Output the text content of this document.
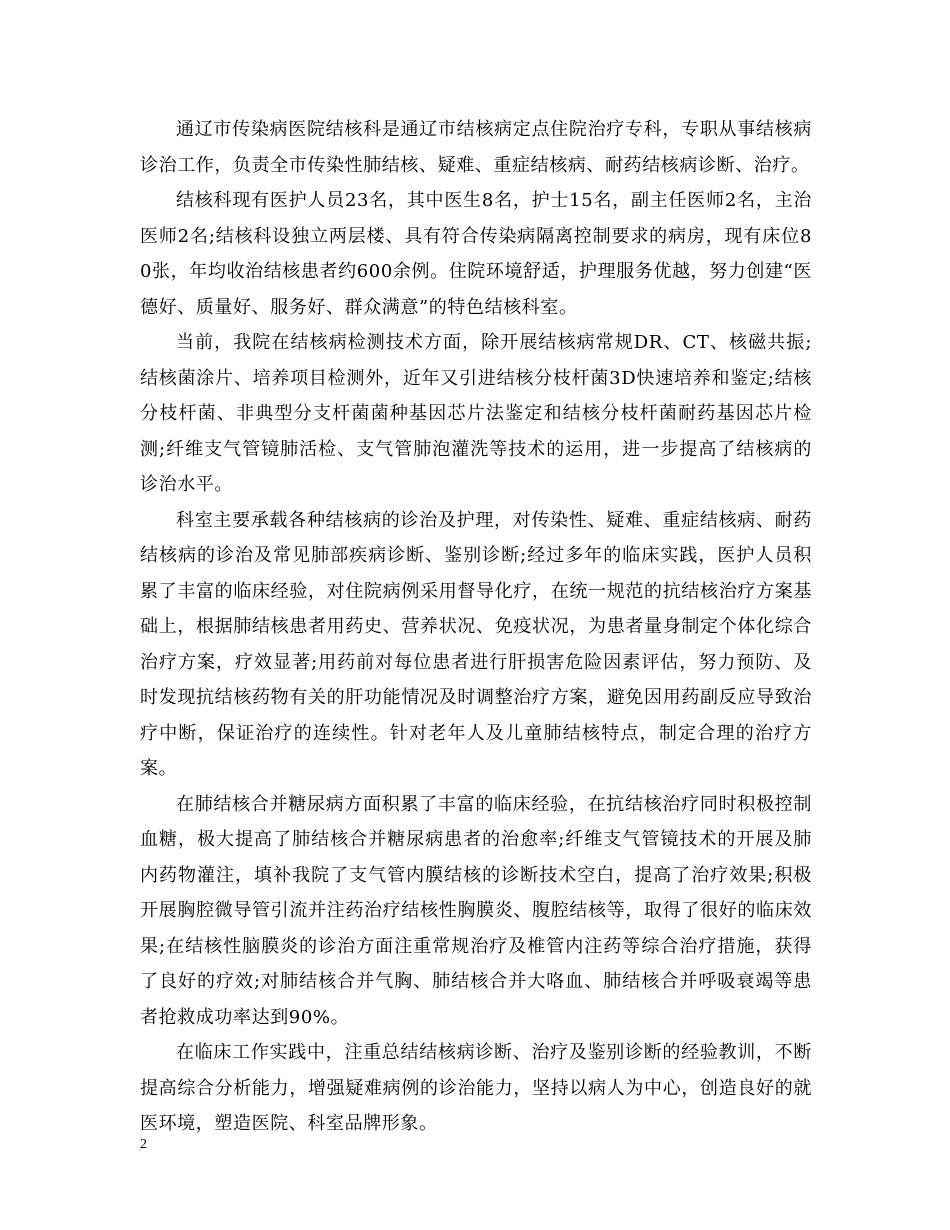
通辽市传染病医院结核科是通辽市结核病定点住院治疗专科，专职从事结核病诊治工作，负责全市传染性肺结核、疑难、重症结核病、耐药结核病诊断、治疗。

结核科现有医护人员23名，其中医生8名，护士15名，副主任医师2名，主治医师2名;结核科设独立两层楼、具有符合传染病隔离控制要求的病房，现有床位80张，年均收治结核患者约600余例。住院环境舒适，护理服务优越，努力创建“医德好、质量好、服务好、群众满意”的特色结核科室。

当前，我院在结核病检测技术方面，除开展结核病常规DR、CT、核磁共振;结核菌涂片、培养项目检测外，近年又引进结核分枝杆菌3D快速培养和鉴定;结核分枝杆菌、非典型分支杆菌菌种基因芯片法鉴定和结核分枝杆菌耐药基因芯片检测;纤维支气管镜肺活检、支气管肺泡灌洗等技术的运用，进一步提高了结核病的诊治水平。

科室主要承载各种结核病的诊治及护理，对传染性、疑难、重症结核病、耐药结核病的诊治及常见肺部疾病诊断、鉴别诊断;经过多年的临床实践，医护人员积累了丰富的临床经验，对住院病例采用督导化疗，在统一规范的抗结核治疗方案基础上，根据肺结核患者用药史、营养状况、免疫状况，为患者量身制定个体化综合治疗方案，疗效显著;用药前对每位患者进行肝损害危险因素评估，努力预防、及时发现抗结核药物有关的肝功能情况及时调整治疗方案，避免因用药副反应导致治疗中断，保证治疗的连续性。针对老年人及儿童肺结核特点，制定合理的治疗方案。

在肺结核合并糖尿病方面积累了丰富的临床经验，在抗结核治疗同时积极控制血糖，极大提高了肺结核合并糖尿病患者的治愈率;纤维支气管镜技术的开展及肺内药物灌注，填补我院了支气管内膜结核的诊断技术空白，提高了治疗效果;积极开展胸腔微导管引流并注药治疗结核性胸膜炎、腹腔结核等，取得了很好的临床效果;在结核性脑膜炎的诊治方面注重常规治疗及椎管内注药等综合治疗措施，获得了良好的疗效;对肺结核合并气胸、肺结核合并大咯血、肺结核合并呼吸衰竭等患者抢救成功率达到90%。

在临床工作实践中，注重总结结核病诊断、治疗及鉴别诊断的经验教训，不断提高综合分析能力，增强疑难病例的诊治能力，坚持以病人为中心，创造良好的就医环境，塑造医院、科室品牌形象。

2
